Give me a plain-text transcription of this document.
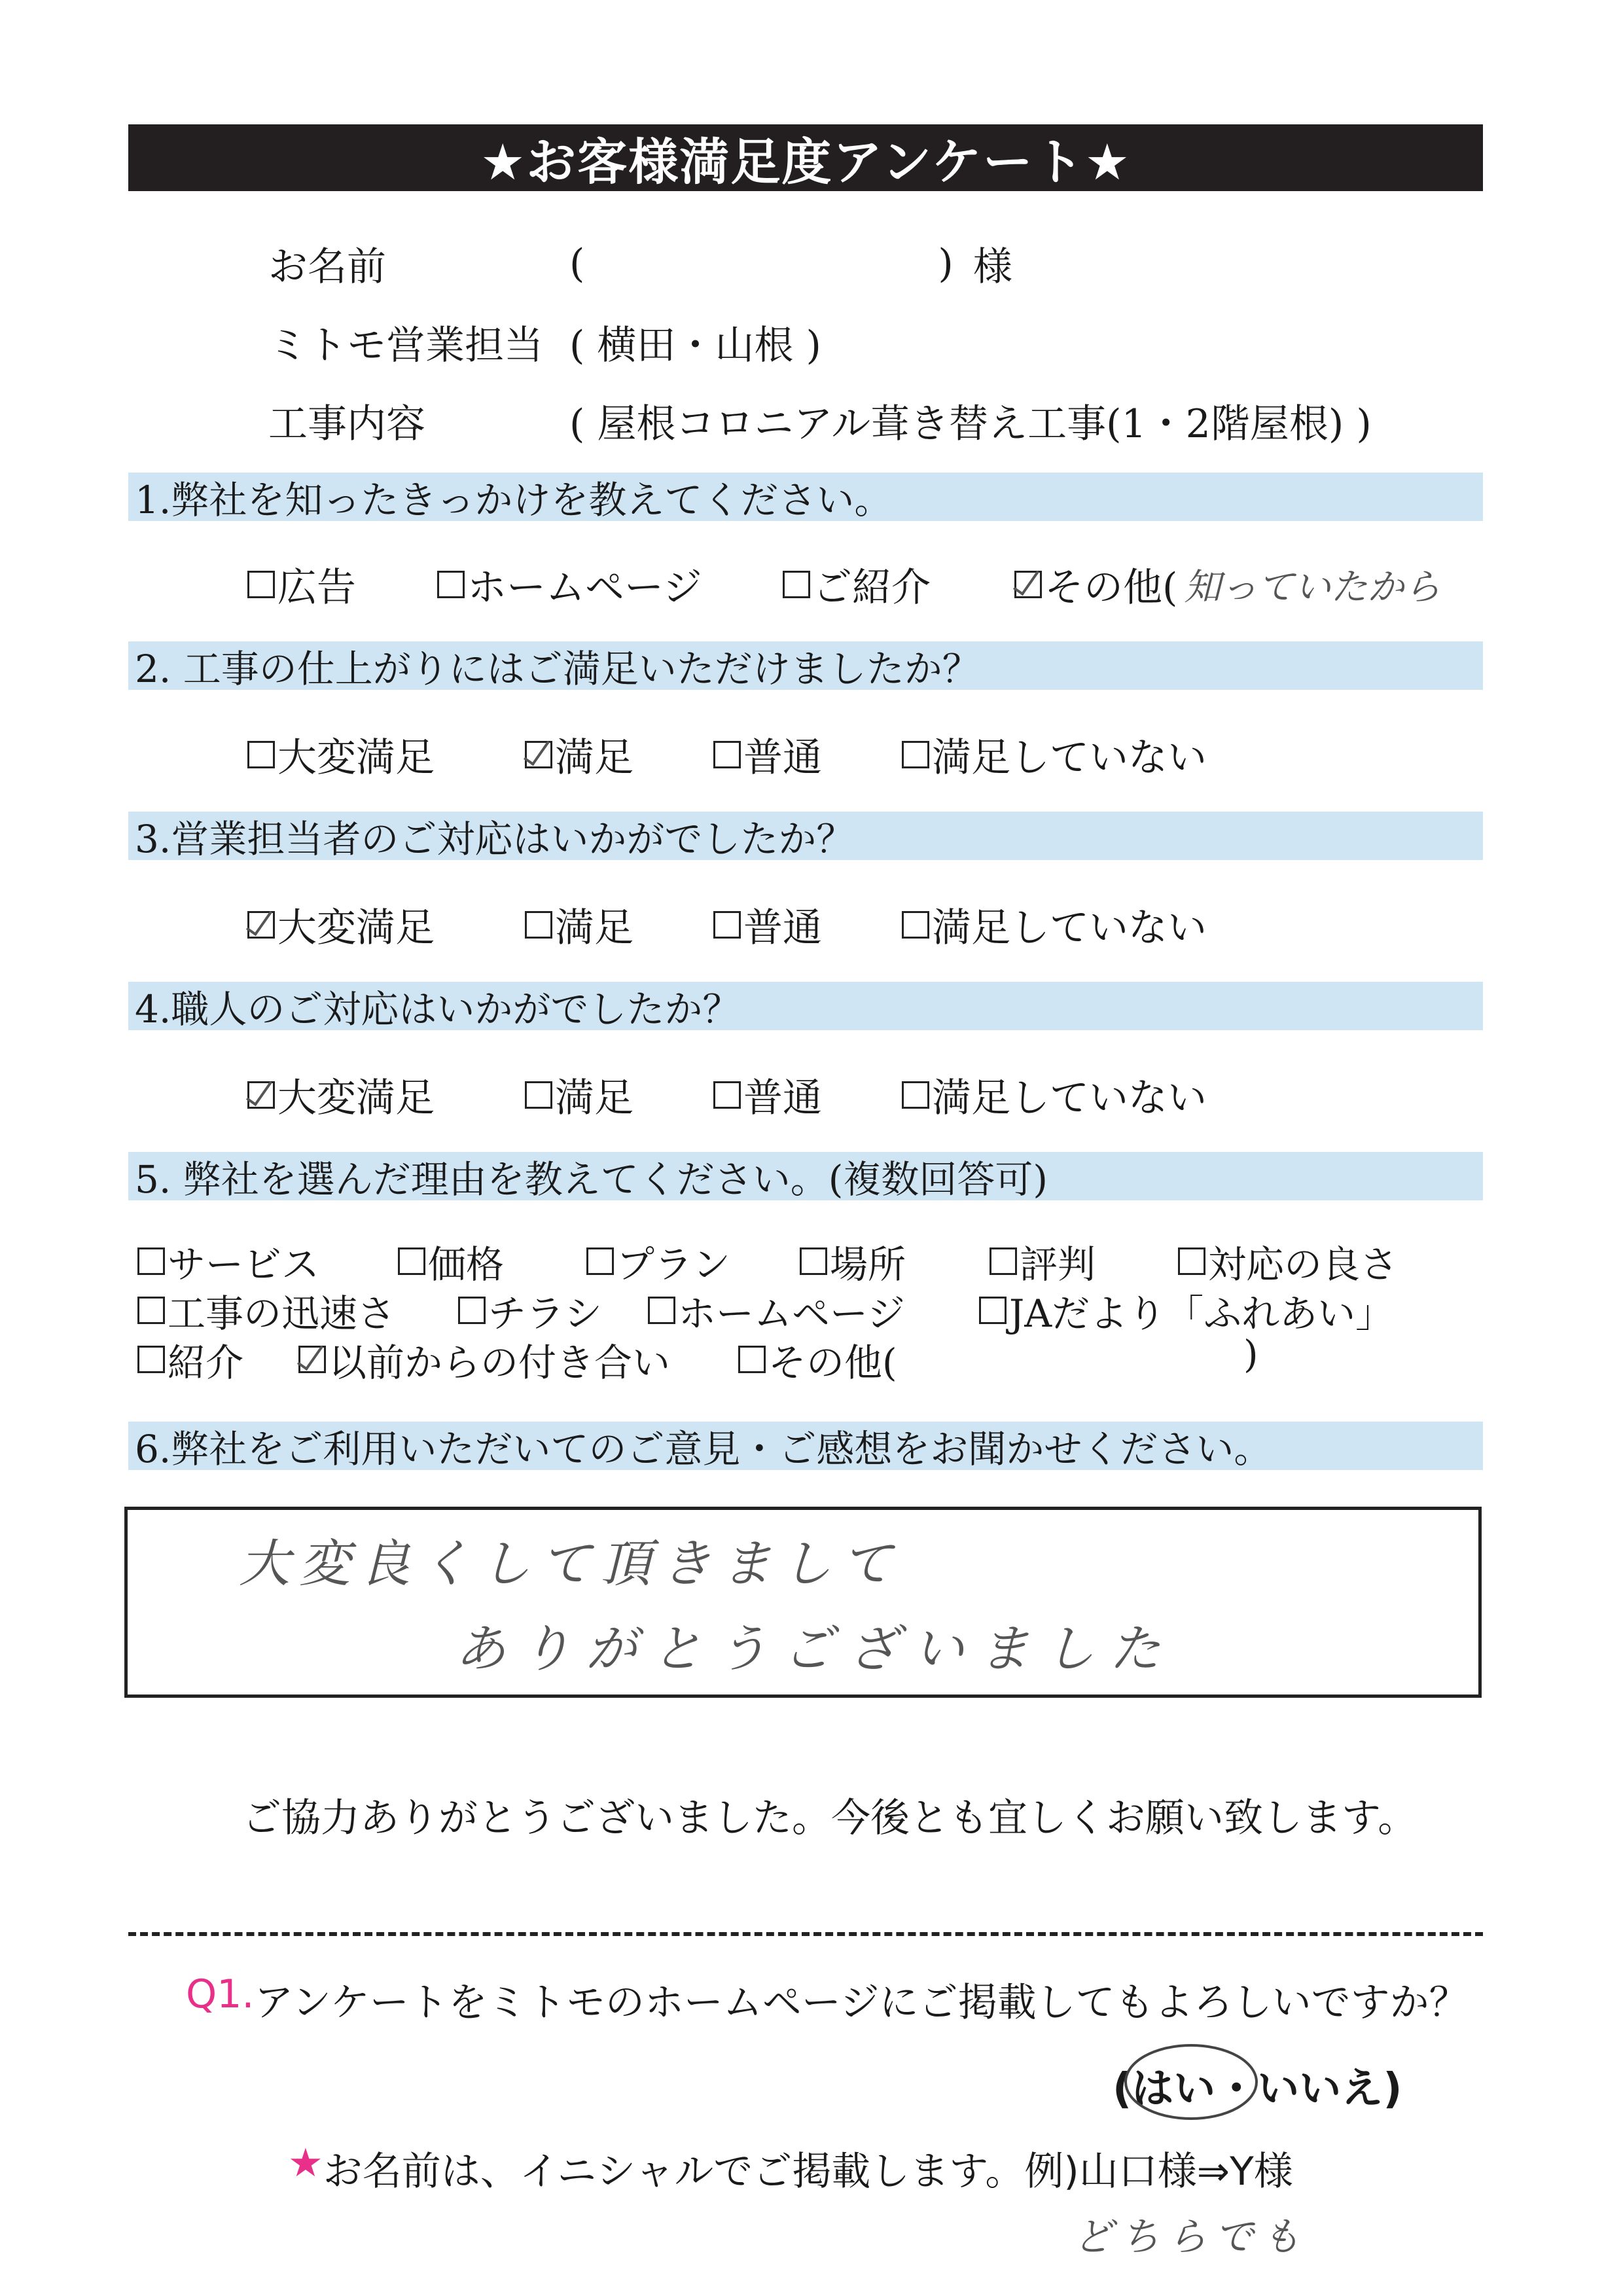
★お客様満足度アンケート★
お名前	(	) 様
ミトモ営業担当 ( 横田・山根 )
工事内容	( 屋根コロニアル葺き替え工事(1・2階屋根) )
1.弊社を知ったきっかけを教えてください。
広告	ホームページ	ご紹介	その他( 知っていたから
2. 工事の仕上がりにはご満足いただけましたか？
大変満足	満足	普通	満足していない
3.営業担当者のご対応はいかがでしたか？
大変満足	満足	普通	満足していない
4.職人のご対応はいかがでしたか？
大変満足	満足	普通	満足していない
5. 弊社を選んだ理由を教えてください。(複数回答可)
サービス	価格	プラン	場所	評判	対応の良さ
工事の迅速さ チラシ ホームページ	JAだより「ふれあい」
紹介 以前からの付き合い	その他(	)
6.弊社をご利用いただいてのご意見・ご感想をお聞かせください。
大変良くして頂きまして
ありがとうございました
ご協力ありがとうございました。今後とも宜しくお願い致します。
Q1. アンケートをミトモのホームページにご掲載してもよろしいですか？
(はい・いいえ)
★ お名前は、イニシャルでご掲載します。例)山口様⇒Y様
どちらでも
